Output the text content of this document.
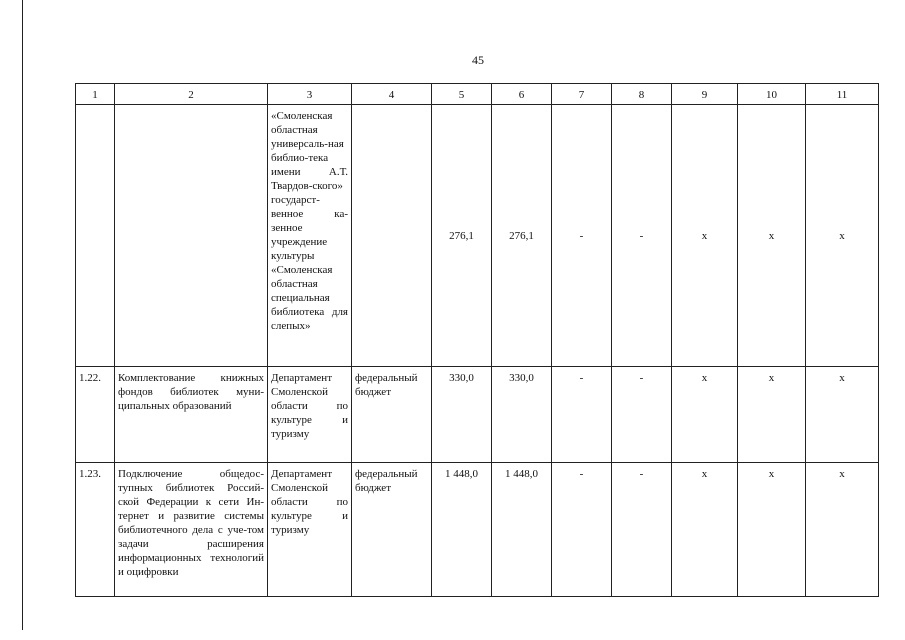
45
1	2	3	4	5	6	7	8	9	10	11
		«Смоленская областная универсаль-ная библио-тека имени А.Т. Твардов-ского» государст-венное ка-зенное учреждение культуры «Смоленская областная специальная библиотека для слепых»		276,1	276,1	-	-	х	х	х
1.22.	Комплектование книжных фондов библиотек муни-ципальных образований	Департамент Смоленской области по культуре и туризму	федеральный бюджет	330,0	330,0	-	-	х	х	х
1.23.	Подключение общедос-тупных библиотек Россий-ской Федерации к сети Ин-тернет и развитие системы библиотечного дела с уче-том задачи расширения информационных технологий и оцифровки	Департамент Смоленской области по культуре и туризму	федеральный бюджет	1 448,0	1 448,0	-	-	х	х	х
